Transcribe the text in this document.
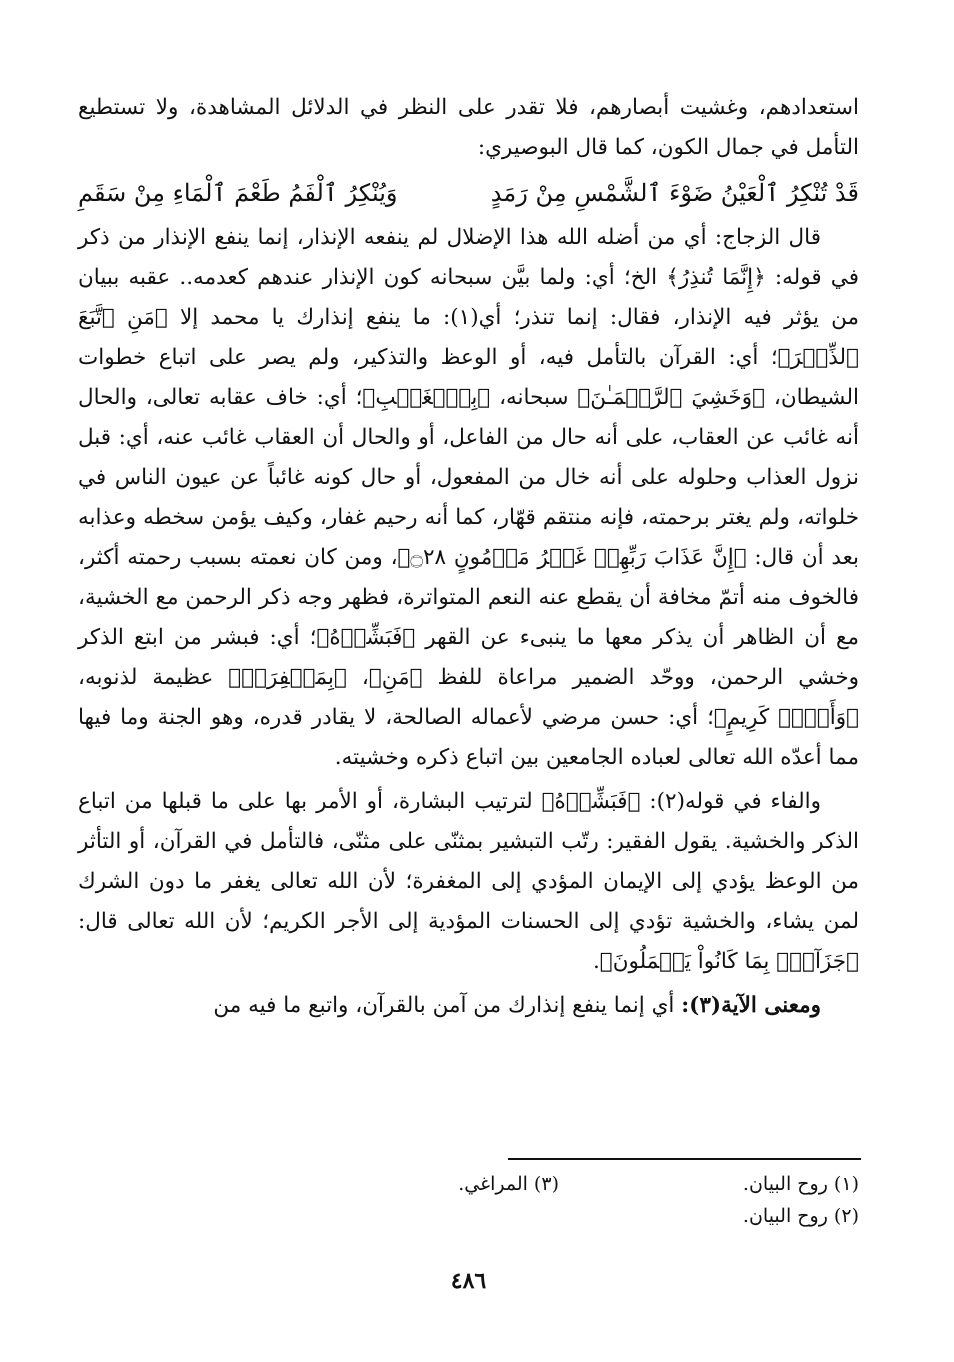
استعدادهم، وغشيت أبصارهم، فلا تقدر على النظر في الدلائل المشاهدة، ولا تستطيع التأمل في جمال الكون، كما قال البوصيري:

قَدْ تُنْكِرُ ٱلْعَيْنُ ضَوْءَ ٱلشَّمْسِ مِنْ رَمَدٍ
وَيُنْكِرُ ٱلْفَمُ طَعْمَ ٱلْمَاءِ مِنْ سَقَمِ

قال الزجاج: أي من أضله الله هذا الإضلال لم ينفعه الإنذار، إنما ينفع الإنذار من ذكر في قوله: ﴿إِنَّمَا تُنذِرُ﴾ الخ؛ أي: ولما بيَّن سبحانه كون الإنذار عندهم كعدمه.. عقبه ببيان من يؤثر فيه الإنذار، فقال: إنما تنذر؛ أي(١): ما ينفع إنذارك يا محمد إلا ﴿مَنِ ٱتَّبَعَ ٱلذِّكۡرَ﴾؛ أي: القرآن بالتأمل فيه، أو الوعظ والتذكير، ولم يصر على اتباع خطوات الشيطان، ﴿وَخَشِيَ ٱلرَّحۡمَـٰنَ﴾ سبحانه، ﴿بِٱلۡغَيۡبِ﴾؛ أي: خاف عقابه تعالى، والحال أنه غائب عن العقاب، على أنه حال من الفاعل، أو والحال أن العقاب غائب عنه، أي: قبل نزول العذاب وحلوله على أنه خال من المفعول، أو حال كونه غائباً عن عيون الناس في خلواته، ولم يغتر برحمته، فإنه منتقم قهّار، كما أنه رحيم غفار، وكيف يؤمن سخطه وعذابه بعد أن قال: ﴿إِنَّ عَذَابَ رَبِّهِمۡ غَيۡرُ مَأۡمُونٍ ۝٢٨﴾، ومن كان نعمته بسبب رحمته أكثر، فالخوف منه أتمّ مخافة أن يقطع عنه النعم المتواترة، فظهر وجه ذكر الرحمن مع الخشية، مع أن الظاهر أن يذكر معها ما ينبىء عن القهر ﴿فَبَشِّرۡهُ﴾؛ أي: فبشر من ابتع الذكر وخشي الرحمن، ووحّد الضمير مراعاة للفظ ﴿مَنِ﴾، ﴿بِمَغۡفِرَةٖ﴾ عظيمة لذنوبه، ﴿وَأَجۡرٖ كَرِيمٍ﴾؛ أي: حسن مرضي لأعماله الصالحة، لا يقادر قدره، وهو الجنة وما فيها مما أعدّه الله تعالى لعباده الجامعين بين اتباع ذكره وخشيته.

والفاء في قوله(٢): ﴿فَبَشِّرۡهُ﴾ لترتيب البشارة، أو الأمر بها على ما قبلها من اتباع الذكر والخشية. يقول الفقير: رتّب التبشير بمثنّى على مثنّى، فالتأمل في القرآن، أو التأثر من الوعظ يؤدي إلى الإيمان المؤدي إلى المغفرة؛ لأن الله تعالى يغفر ما دون الشرك لمن يشاء، والخشية تؤدي إلى الحسنات المؤدية إلى الأجر الكريم؛ لأن الله تعالى قال: ﴿جَزَآءَۢ بِمَا كَانُواْ يَعۡمَلُونَ﴾.

ومعنى الآية(٣): أي إنما ينفع إنذارك من آمن بالقرآن، واتبع ما فيه من

(١) روح البيان.
(٣) المراغي.
(٢) روح البيان.
٤٨٦
